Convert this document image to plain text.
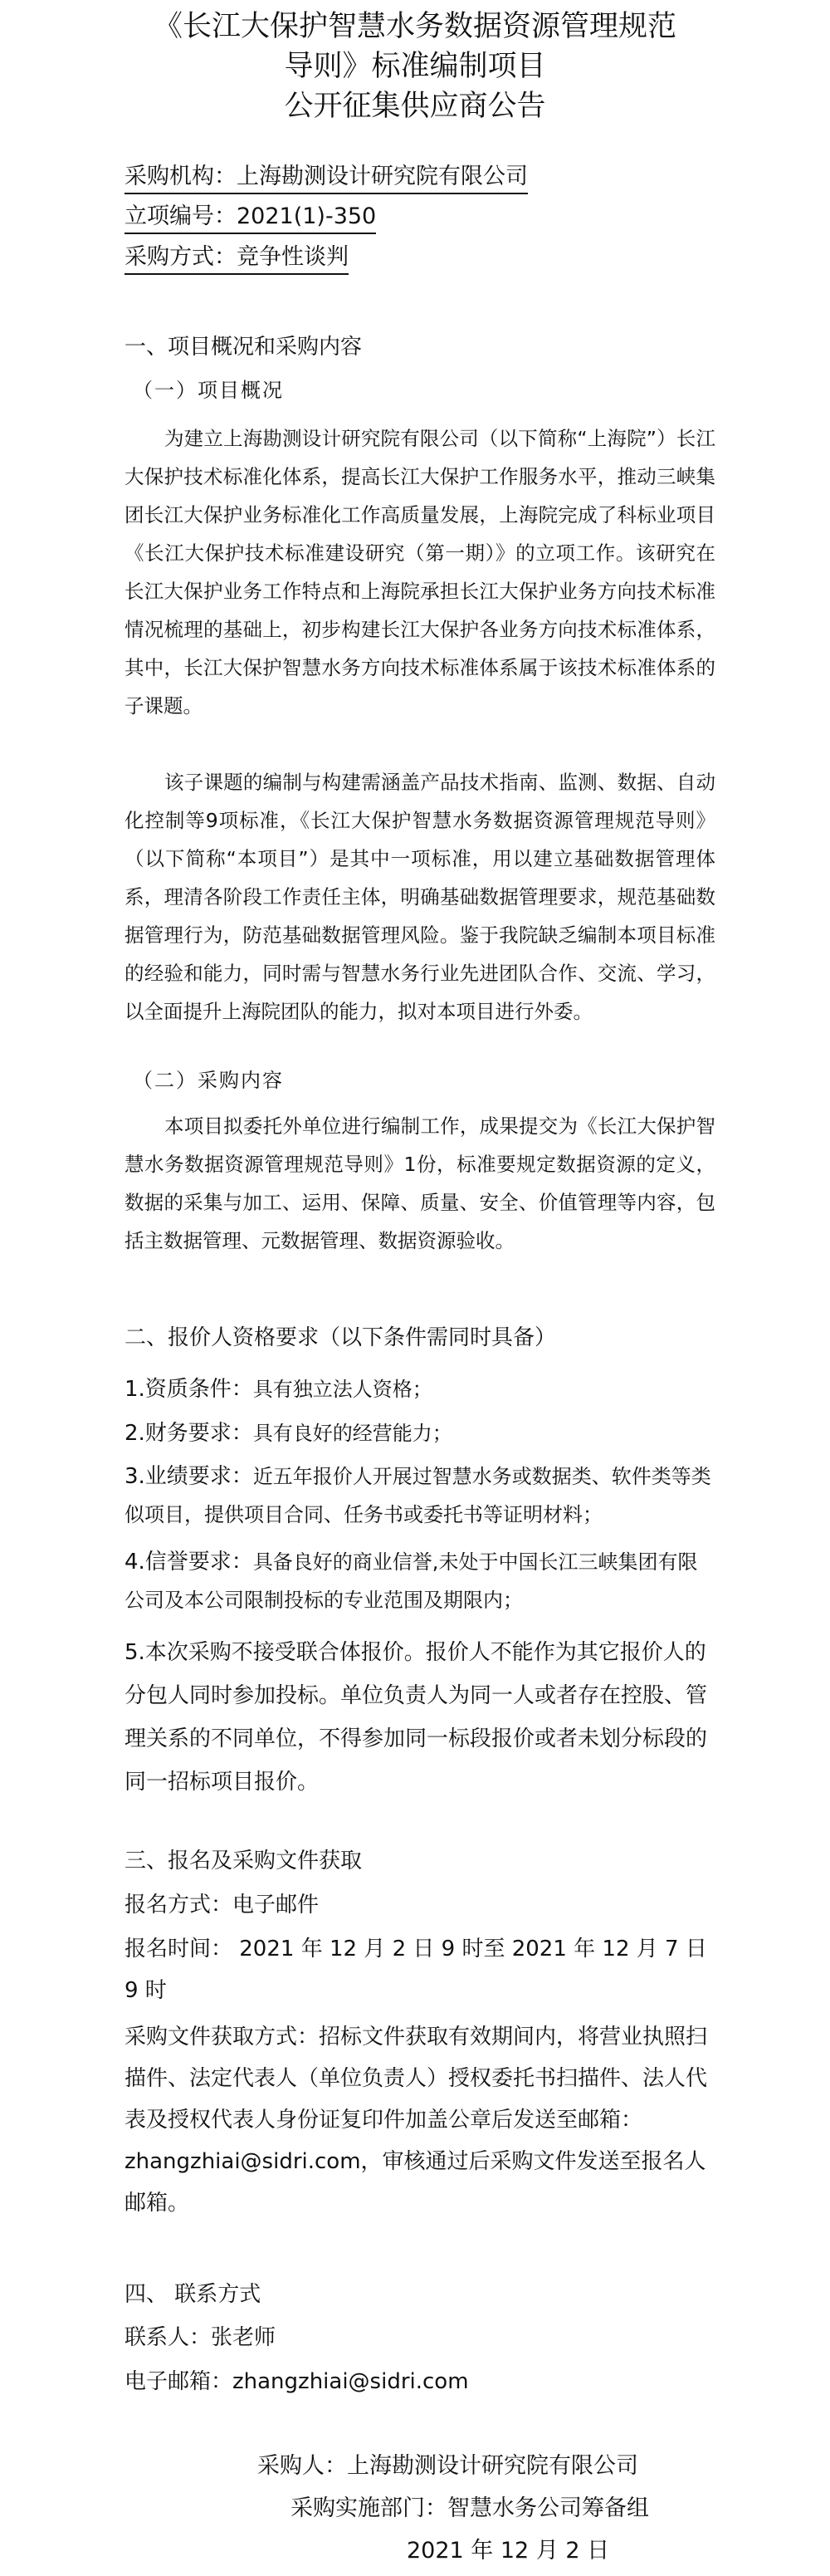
《长江大保护智慧水务数据资源管理规范
导则》标准编制项目
公开征集供应商公告
采购机构：上海勘测设计研究院有限公司
立项编号：2021(1)-350
采购方式：竞争性谈判
一、项目概况和采购内容
（一）项目概况

为建立上海勘测设计研究院有限公司（以下简称“上海院”）长江大保护技术标准化体系，提高长江大保护工作服务水平，推动三峡集团长江大保护业务标准化工作高质量发展，上海院完成了科标业项目《长江大保护技术标准建设研究（第一期）》的立项工作。该研究在长江大保护业务工作特点和上海院承担长江大保护业务方向技术标准情况梳理的基础上，初步构建长江大保护各业务方向技术标准体系，其中，长江大保护智慧水务方向技术标准体系属于该技术标准体系的子课题。

该子课题的编制与构建需涵盖产品技术指南、监测、数据、自动化控制等9项标准，《长江大保护智慧水务数据资源管理规范导则》（以下简称“本项目”）是其中一项标准，用以建立基础数据管理体系，理清各阶段工作责任主体，明确基础数据管理要求，规范基础数据管理行为，防范基础数据管理风险。鉴于我院缺乏编制本项目标准的经验和能力，同时需与智慧水务行业先进团队合作、交流、学习，以全面提升上海院团队的能力，拟对本项目进行外委。

（二）采购内容

本项目拟委托外单位进行编制工作，成果提交为《长江大保护智慧水务数据资源管理规范导则》1份，标准要规定数据资源的定义，数据的采集与加工、运用、保障、质量、安全、价值管理等内容，包括主数据管理、元数据管理、数据资源验收。

二、报价人资格要求（以下条件需同时具备）

1.资质条件：具有独立法人资格；

2.财务要求：具有良好的经营能力；

3.业绩要求：近五年报价人开展过智慧水务或数据类、软件类等类似项目，提供项目合同、任务书或委托书等证明材料；

4.信誉要求：具备良好的商业信誉,未处于中国长江三峡集团有限公司及本公司限制投标的专业范围及期限内；

5.本次采购不接受联合体报价。报价人不能作为其它报价人的分包人同时参加投标。单位负责人为同一人或者存在控股、管理关系的不同单位，不得参加同一标段报价或者未划分标段的同一招标项目报价。

三、报名及采购文件获取

报名方式：电子邮件

报名时间： 2021 年 12 月 2 日 9 时至 2021 年 12 月 7 日 9 时

采购文件获取方式：招标文件获取有效期间内，将营业执照扫描件、法定代表人（单位负责人）授权委托书扫描件、法人代表及授权代表人身份证复印件加盖公章后发送至邮箱：zhangzhiai@sidri.com，审核通过后采购文件发送至报名人邮箱。

四、 联系方式

联系人：张老师

电子邮箱：zhangzhiai@sidri.com

采购人：上海勘测设计研究院有限公司
采购实施部门：智慧水务公司筹备组
2021 年 12 月 2 日
